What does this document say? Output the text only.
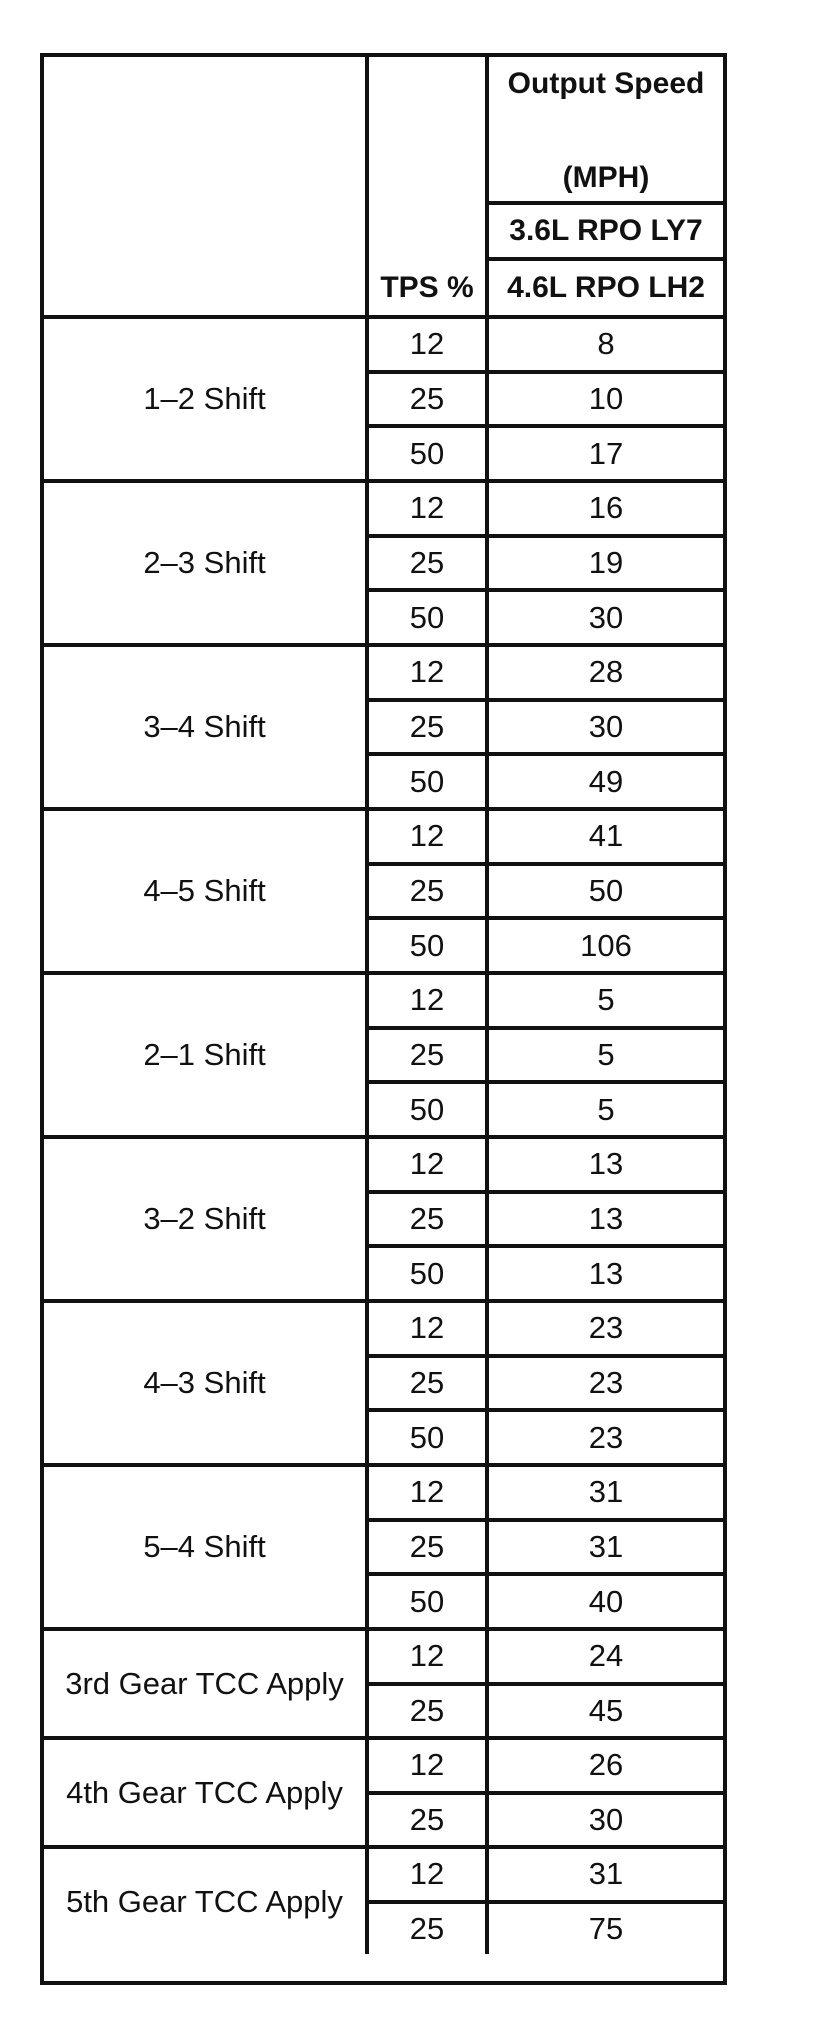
Output Speed
(MPH)
3.6L RPO LY7
4.6L RPO LH2
TPS %
1–2 Shift
12	8
25	10
50	17
2–3 Shift
12	16
25	19
50	30
3–4 Shift
12	28
25	30
50	49
4–5 Shift
12	41
25	50
50	106
2–1 Shift
12	5
25	5
50	5
3–2 Shift
12	13
25	13
50	13
4–3 Shift
12	23
25	23
50	23
5–4 Shift
12	31
25	31
50	40
3rd Gear TCC Apply
12	24
25	45
4th Gear TCC Apply
12	26
25	30
5th Gear TCC Apply
12	31
25	75
